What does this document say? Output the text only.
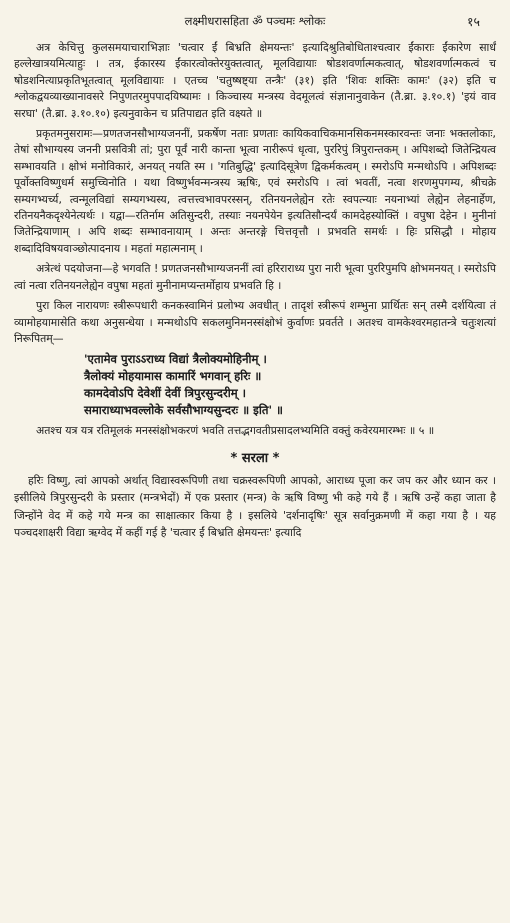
लक्ष्मीधरासहिता ॐ पञ्चमः श्लोकः	१५

अत्र केचित्तु कुलसमयाचाराभिज्ञाः 'चत्वार ईं बिभ्रति क्षेमयन्तः' इत्यादिश्रुतिबोधिताश्चत्वार ईंकाराः ईंकारेण सार्धं हल्लेखात्रयमित्याहुः । तत्र, ईकारस्य ईंकारत्वोक्तेरयुक्तत्वात्, मूलविद्यायाः षोडशवर्णात्मकत्वात्, षोडशवर्णात्मकत्वं च षोडशनित्याप्रकृतिभूतत्वात् मूलविद्यायाः । एतच्च 'चतुष्षष्ट्या तन्त्रैः' (३१) इति 'शिवः शक्तिः कामः' (३२) इति च श्लोकद्वयव्याख्यानावसरे निपुणतरमुपपादयिष्यामः । किञ्चास्य मन्त्रस्य वेदमूलत्वं संज्ञानानुवाकेन (तै.ब्रा. ३.१०.१) 'इयं वाव सरघा' (तै.ब्रा. ३.१०.१०) इत्यनुवाकेन च प्रतिपाद्यत इति वक्ष्यते ॥

प्रकृतमनुसरामः—प्रणतजनसौभाग्यजननीं, प्रकर्षेण नताः प्रणताः कायिकवाचिकमानसिकनमस्कारवन्तः जनाः भक्तलोकाः, तेषां सौभाग्यस्य जननी प्रसवित्री तां; पुरा पूर्वं नारी कान्ता भूत्वा नारीरूपं धृत्वा, पुररिपुं त्रिपुरान्तकम् । अपिशब्दो जितेन्द्रियत्व सम्भावयति । क्षोभं मनोविकारं, अनयत् नयति स्म । 'गतिबुद्धि' इत्यादिसूत्रेण द्विकर्मकत्वम् । स्मरोऽपि मन्मथोऽपि । अपिशब्दः पूर्वोक्तविष्णुधर्म समुच्चिनोति । यथा विष्णुर्भवन्मन्त्रस्य ऋषिः, एवं स्मरोऽपि । त्वां भवतीं, नत्वा शरणमुपगम्य, श्रीचक्रे सम्यगभ्यर्च्य, त्वन्मूलविद्यां सम्यगभ्यस्य, त्वत्तत्त्वभावपरस्सन्, रतिनयनलेह्येन रतेः स्वपत्न्याः नयनाभ्यां लेह्येन लेहनार्हेण, रतिनयनैकदृश्येनेत्यर्थः । यद्वा—रतिर्नाम अतिसुन्दरी, तस्याः नयनपेयेन इत्यतिसौन्दर्यं कामदेहस्योक्तिं । वपुषा देहेन । मुनीनां जितेन्द्रियाणाम् । अपि शब्दः सम्भावनायाम् । अन्तः अन्तरङ्गे चित्तवृत्तौ । प्रभवति समर्थः । हिः प्रसिद्धौ । मोहाय शब्दादिविषयवाञ्छोत्पादनाय । महतां महात्मनाम् ।

अत्रेत्थं पदयोजना—हे भगवति ! प्रणतजनसौभाग्यजननीं त्वां हरिराराध्य पुरा नारी भूत्वा पुररिपुमपि क्षोभमनयत् । स्मरोऽपि त्वां नत्वा रतिनयनलेह्येन वपुषा महतां मुनीनामप्यन्तर्मोहाय प्रभवति हि ।

पुरा किल नारायणः स्त्रीरूपधारी कनकस्वामिनं प्रलोभ्य अवधीत् । तादृशं स्त्रीरूपं शम्भुना प्रार्थितः सन् तस्मै दर्शयित्वा तं व्यामोहयामासेति कथा अनुसन्धेया । मन्मथोऽपि सकलमुनिमनस्संक्षोभं कुर्वाणः प्रवर्तते । अतश्च वामकेश्वरमहातन्त्रे चतुःशत्यां निरूपितम्—

'एतामेव पुराऽऽराध्य विद्यां त्रैलोक्यमोहिनीम् ।
त्रैलोक्यं मोहयामास कामारिं भगवान् हरिः ॥
कामदेवोऽपि देवेशीं देवीं त्रिपुरसुन्दरीम् ।
समाराध्याभवल्लोके सर्वसौभाग्यसुन्दरः ॥ इति' ॥

अतश्च यत्र यत्र रतिमूलकं मनस्संक्षोभकरणं भवति तत्तद्भगवतीप्रसादलभ्यमिति वक्तुं कवेरयमारम्भः ॥ ५ ॥

* सरला *

हरिः विष्णु, त्वां आपको अर्थात् विद्यास्वरूपिणी तथा चक्रस्वरूपिणी आपको, आराध्य पूजा कर जप कर और ध्यान कर । इसीलिये त्रिपुरसुन्दरी के प्रस्तार (मन्त्रभेदों) में एक प्रस्तार (मन्त्र) के ऋषि विष्णु भी कहे गये हैं । ऋषि उन्हें कहा जाता है जिन्होंने वेद में कहे गये मन्त्र का साक्षात्कार किया है । इसलिये 'दर्शनादृषिः' सूत्र सर्वानुक्रमणी में कहा गया है । यह पञ्चदशाक्षरी विद्या ऋग्वेद में कहीं गई है 'चत्वार ईं बिभ्रति क्षेमयन्तः' इत्यादि
